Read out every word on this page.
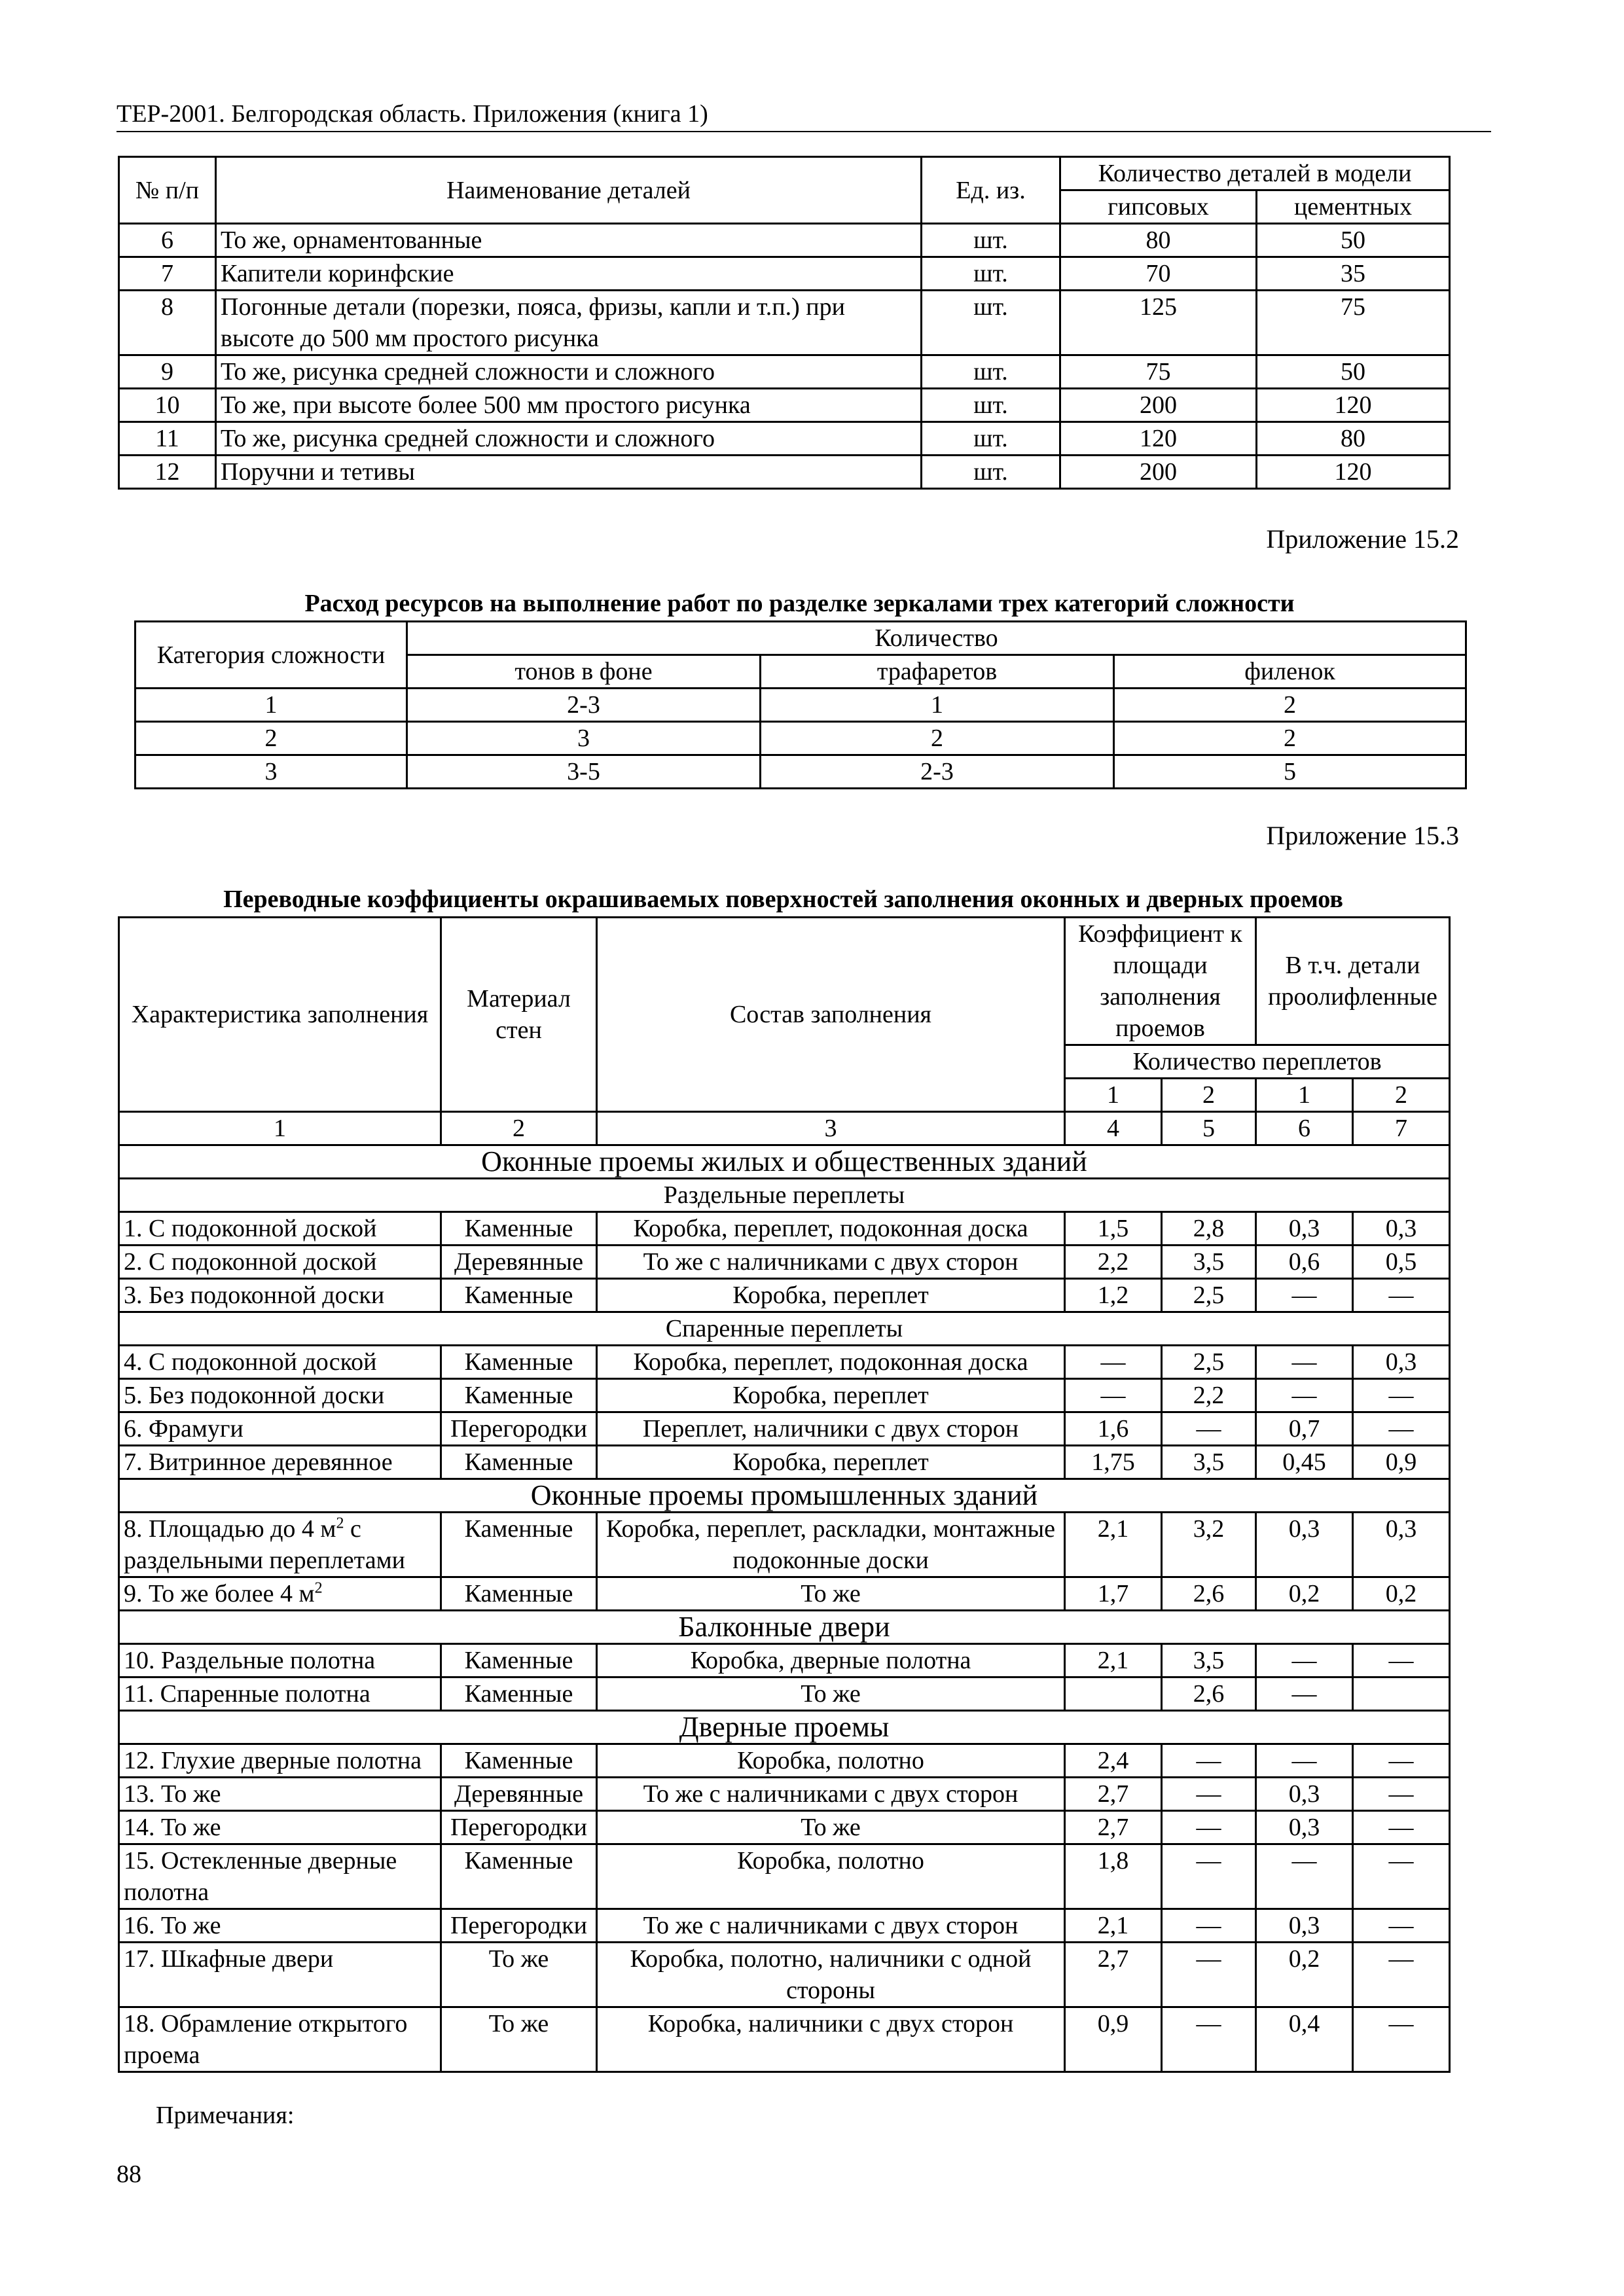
ТЕР-2001. Белгородская область. Приложения (книга 1)
№ п/п	Наименование деталей	Ед. из.	Количество деталей в модели	
			гипсовых	цементных
6	То же, орнаментованные	шт.	80	50
7	Капители коринфские	шт.	70	35
8	Погонные детали (порезки, пояса, фризы, капли и т.п.) при высоте до 500 мм простого рисунка	шт.	125	75
9	То же, рисунка средней сложности и сложного	шт.	75	50
10	То же, при высоте более 500 мм простого рисунка	шт.	200	120
11	То же, рисунка средней сложности и сложного	шт.	120	80
12	Поручни и тетивы	шт.	200	120
Приложение 15.2
Расход ресурсов на выполнение работ по разделке зеркалами трех категорий сложности
Категория сложности	Количество		
	тонов в фоне	трафаретов	филенок
1	2-3	1	2
2	3	2	2
3	3-5	2-3	5
Приложение 15.3
Переводные коэффициенты окрашиваемых поверхностей заполнения оконных и дверных проемов
Характеристика заполнения	Материал стен	Состав заполнения	Коэффициент к площади заполнения проемов		В т.ч. детали проолифленные	
			Количество переплетов			
			1	2	1	2
1	2	3	4	5	6	7
Оконные проемы жилых и общественных зданий						
Раздельные переплеты						
1. С подоконной доской	Каменные	Коробка, переплет, подоконная доска	1,5	2,8	0,3	0,3
2. С подоконной доской	Деревянные	То же с наличниками с двух сторон	2,2	3,5	0,6	0,5
3. Без подоконной доски	Каменные	Коробка, переплет	1,2	2,5	—	—
Спаренные переплеты						
4. С подоконной доской	Каменные	Коробка, переплет, подоконная доска	—	2,5	—	0,3
5. Без подоконной доски	Каменные	Коробка, переплет	—	2,2	—	—
6. Фрамуги	Перегородки	Переплет, наличники с двух сторон	1,6	—	0,7	—
7. Витринное деревянное	Каменные	Коробка, переплет	1,75	3,5	0,45	0,9
Оконные проемы промышленных зданий						
8. Площадью до 4 $м^2$ с раздельными переплетами	Каменные	Коробка, переплет, раскладки, монтажные подоконные доски	2,1	3,2	0,3	0,3
9. То же более 4 $м^2$	Каменные	То же	1,7	2,6	0,2	0,2
Балконные двери						
10. Раздельные полотна	Каменные	Коробка, дверные полотна	2,1	3,5	—	—
11. Спаренные полотна	Каменные	То же		2,6	—	
Дверные проемы						
12. Глухие дверные полотна	Каменные	Коробка, полотно	2,4	—	—	—
13. То же	Деревянные	То же с наличниками с двух сторон	2,7	—	0,3	—
14. То же	Перегородки	То же	2,7	—	0,3	—
15. Остекленные дверные полотна	Каменные	Коробка, полотно	1,8	—	—	—
16. То же	Перегородки	То же с наличниками с двух сторон	2,1	—	0,3	—
17. Шкафные двери	То же	Коробка, полотно, наличники с одной стороны	2,7	—	0,2	—
18. Обрамление открытого проема	То же	Коробка, наличники с двух сторон	0,9	—	0,4	—
Примечания:
88
